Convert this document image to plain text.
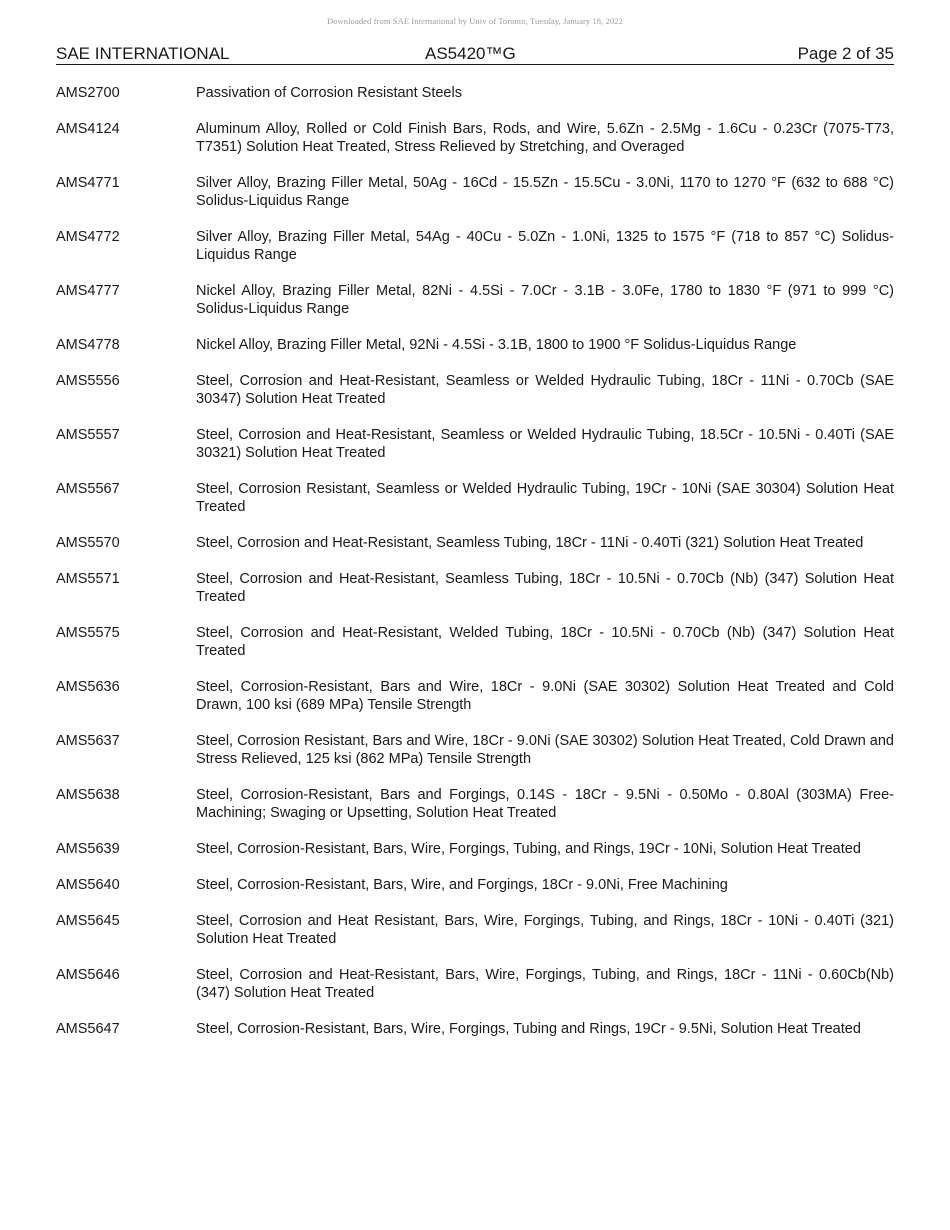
Downloaded from SAE International by Univ of Toronto, Tuesday, January 18, 2022
SAE INTERNATIONAL	AS5420™G	Page 2 of 35
AMS2700	Passivation of Corrosion Resistant Steels
AMS4124	Aluminum Alloy, Rolled or Cold Finish Bars, Rods, and Wire, 5.6Zn - 2.5Mg - 1.6Cu - 0.23Cr (7075-T73, T7351) Solution Heat Treated, Stress Relieved by Stretching, and Overaged
AMS4771	Silver Alloy, Brazing Filler Metal, 50Ag - 16Cd - 15.5Zn - 15.5Cu - 3.0Ni, 1170 to 1270 °F (632 to 688 °C) Solidus-Liquidus Range
AMS4772	Silver Alloy, Brazing Filler Metal, 54Ag - 40Cu - 5.0Zn - 1.0Ni, 1325 to 1575 °F (718 to 857 °C) Solidus-Liquidus Range
AMS4777	Nickel Alloy, Brazing Filler Metal, 82Ni - 4.5Si - 7.0Cr - 3.1B - 3.0Fe, 1780 to 1830 °F (971 to 999 °C) Solidus-Liquidus Range
AMS4778	Nickel Alloy, Brazing Filler Metal, 92Ni - 4.5Si - 3.1B, 1800 to 1900 °F Solidus-Liquidus Range
AMS5556	Steel, Corrosion and Heat-Resistant, Seamless or Welded Hydraulic Tubing, 18Cr - 11Ni - 0.70Cb (SAE 30347) Solution Heat Treated
AMS5557	Steel, Corrosion and Heat-Resistant, Seamless or Welded Hydraulic Tubing, 18.5Cr - 10.5Ni - 0.40Ti (SAE 30321) Solution Heat Treated
AMS5567	Steel, Corrosion Resistant, Seamless or Welded Hydraulic Tubing, 19Cr - 10Ni (SAE 30304) Solution Heat Treated
AMS5570	Steel, Corrosion and Heat-Resistant, Seamless Tubing, 18Cr - 11Ni - 0.40Ti (321) Solution Heat Treated
AMS5571	Steel, Corrosion and Heat-Resistant, Seamless Tubing, 18Cr - 10.5Ni - 0.70Cb (Nb) (347) Solution Heat Treated
AMS5575	Steel, Corrosion and Heat-Resistant, Welded Tubing, 18Cr - 10.5Ni - 0.70Cb (Nb) (347) Solution Heat Treated
AMS5636	Steel, Corrosion-Resistant, Bars and Wire, 18Cr - 9.0Ni (SAE 30302) Solution Heat Treated and Cold Drawn, 100 ksi (689 MPa) Tensile Strength
AMS5637	Steel, Corrosion Resistant, Bars and Wire, 18Cr - 9.0Ni (SAE 30302) Solution Heat Treated, Cold Drawn and Stress Relieved, 125 ksi (862 MPa) Tensile Strength
AMS5638	Steel, Corrosion-Resistant, Bars and Forgings, 0.14S - 18Cr - 9.5Ni - 0.50Mo - 0.80Al (303MA) Free-Machining; Swaging or Upsetting, Solution Heat Treated
AMS5639	Steel, Corrosion-Resistant, Bars, Wire, Forgings, Tubing, and Rings, 19Cr - 10Ni, Solution Heat Treated
AMS5640	Steel, Corrosion-Resistant, Bars, Wire, and Forgings, 18Cr - 9.0Ni, Free Machining
AMS5645	Steel, Corrosion and Heat Resistant, Bars, Wire, Forgings, Tubing, and Rings, 18Cr - 10Ni - 0.40Ti (321) Solution Heat Treated
AMS5646	Steel, Corrosion and Heat-Resistant, Bars, Wire, Forgings, Tubing, and Rings, 18Cr - 11Ni - 0.60Cb(Nb) (347) Solution Heat Treated
AMS5647	Steel, Corrosion-Resistant, Bars, Wire, Forgings, Tubing and Rings, 19Cr - 9.5Ni, Solution Heat Treated
